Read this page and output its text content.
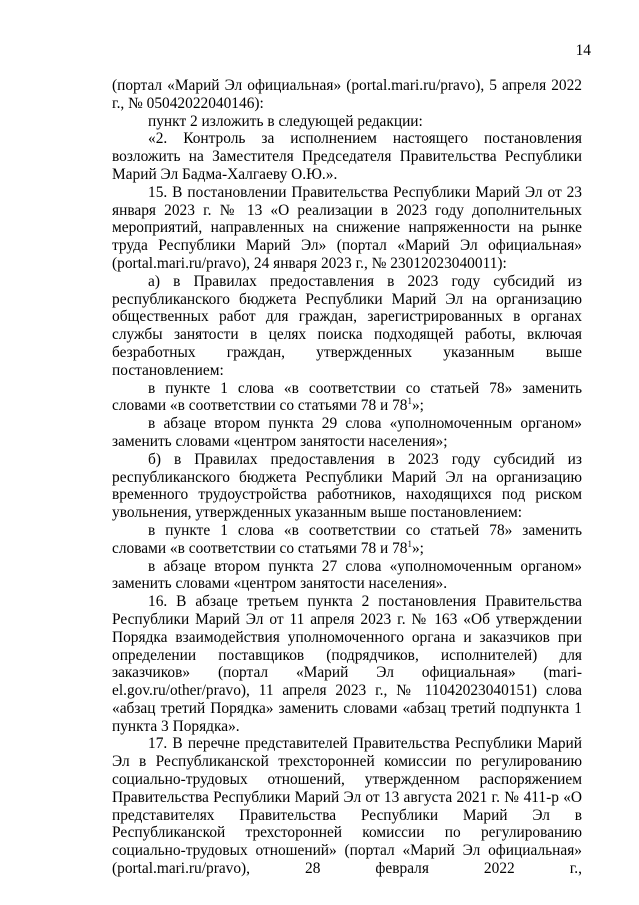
14

(портал «Марий Эл официальная» (portal.mari.ru/pravo), 5 апреля 2022 г., № 05042022040146):

пункт 2 изложить в следующей редакции:

«2. Контроль за исполнением настоящего постановления возложить на Заместителя Председателя Правительства Республики Марий Эл Бадма-Халгаеву О.Ю.».

15. В постановлении Правительства Республики Марий Эл от 23 января 2023 г. № 13 «О реализации в 2023 году дополнительных мероприятий, направленных на снижение напряженности на рынке труда Республики Марий Эл» (портал «Марий Эл официальная» (portal.mari.ru/pravo), 24 января 2023 г., № 23012023040011):

а) в Правилах предоставления в 2023 году субсидий из республиканского бюджета Республики Марий Эл на организацию общественных работ для граждан, зарегистрированных в органах службы занятости в целях поиска подходящей работы, включая безработных граждан, утвержденных указанным выше постановлением:

в пункте 1 слова «в соответствии со статьей 78» заменить словами «в соответствии со статьями 78 и $78^1$»;

в абзаце втором пункта 29 слова «уполномоченным органом» заменить словами «центром занятости населения»;

б) в Правилах предоставления в 2023 году субсидий из республиканского бюджета Республики Марий Эл на организацию временного трудоустройства работников, находящихся под риском увольнения, утвержденных указанным выше постановлением:

в пункте 1 слова «в соответствии со статьей 78» заменить словами «в соответствии со статьями 78 и $78^1$»;

в абзаце втором пункта 27 слова «уполномоченным органом» заменить словами «центром занятости населения».

16. В абзаце третьем пункта 2 постановления Правительства Республики Марий Эл от 11 апреля 2023 г. № 163 «Об утверждении Порядка взаимодействия уполномоченного органа и заказчиков при определении поставщиков (подрядчиков, исполнителей) для заказчиков» (портал «Марий Эл официальная» (mari-el.gov.ru/other/pravo), 11 апреля 2023 г., № 11042023040151) слова «абзац третий Порядка» заменить словами «абзац третий подпункта 1 пункта 3 Порядка».

17. В перечне представителей Правительства Республики Марий Эл в Республиканской трехсторонней комиссии по регулированию социально-трудовых отношений, утвержденном распоряжением Правительства Республики Марий Эл от 13 августа 2021 г. № 411-р «О представителях Правительства Республики Марий Эл в Республиканской трехсторонней комиссии по регулированию социально-трудовых отношений» (портал «Марий Эл официальная» (portal.mari.ru/pravo), 28 февраля 2022 г.,
